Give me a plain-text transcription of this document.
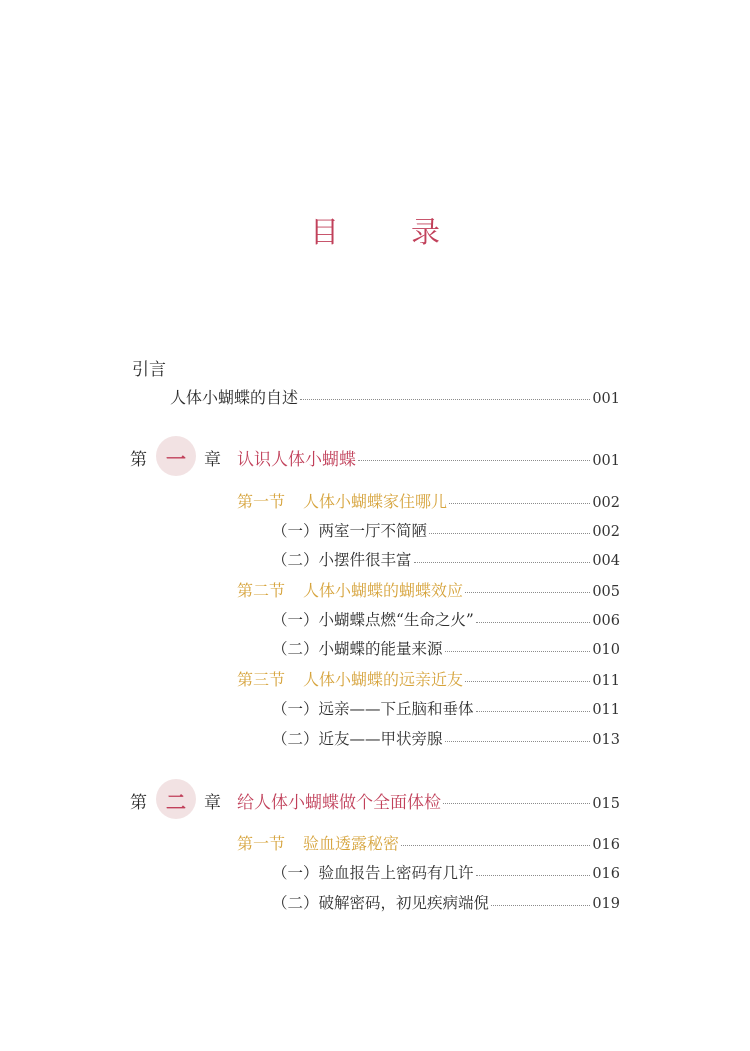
目 录
引言
人体小蝴蝶的自述	001
第 一	章 认识人体小蝴蝶	001
第一节 人体小蝴蝶家住哪儿	002
（一）两室一厅不简陋	002
（二）小摆件很丰富	004
第二节 人体小蝴蝶的蝴蝶效应	005
（一）小蝴蝶点燃“生命之火”	006
（二）小蝴蝶的能量来源	010
第三节 人体小蝴蝶的远亲近友	011
（一）远亲——下丘脑和垂体	011
（二）近友——甲状旁腺	013
第 二	章 给人体小蝴蝶做个全面体检	015
第一节 验血透露秘密	016
（一）验血报告上密码有几许	016
（二）破解密码，初见疾病端倪	019
